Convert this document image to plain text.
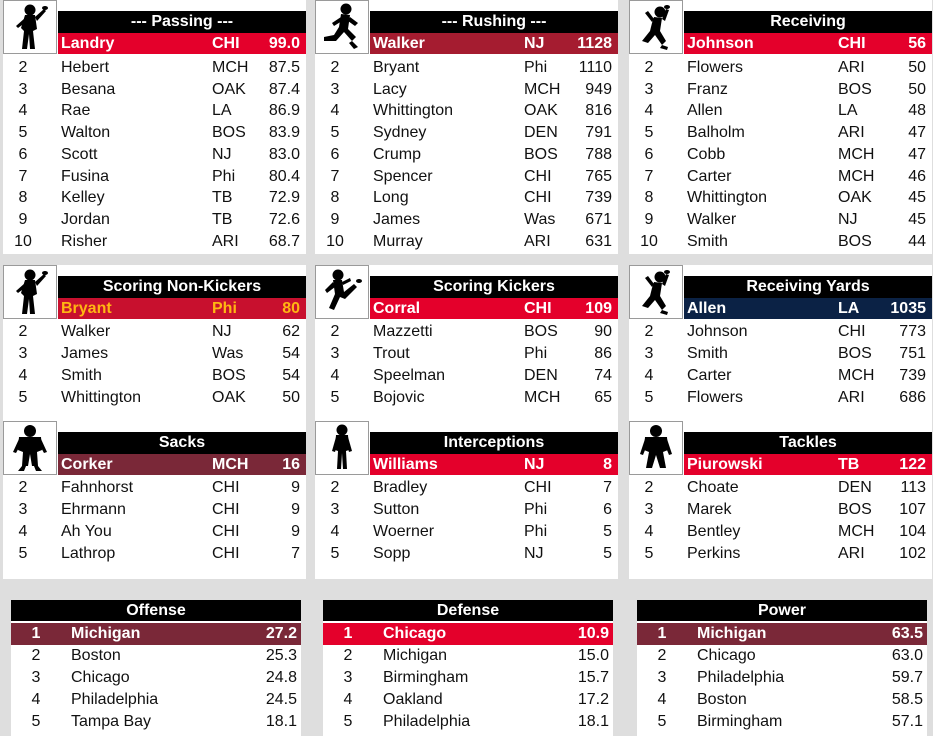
--- Passing ---
Landry	CHI 99.0
2	Hebert	MCH 87.5
3	Besana	OAK 87.4
4	Rae	LA 86.9
5	Walton	BOS 83.9
6	Scott	NJ 83.0
7	Fusina	Phi 80.4
8	Kelley	TB 72.9
9	Jordan	TB 72.6
10	Risher	ARI 68.7
--- Rushing ---
Walker	NJ 1128
2	Bryant	Phi 1110
3	Lacy	MCH 949
4	Whittington	OAK 816
5	Sydney	DEN 791
6	Crump	BOS 788
7	Spencer	CHI 765
8	Long	CHI 739
9	James	Was 671
10	Murray	ARI 631
Receiving
Johnson	CHI	56
2	Flowers	ARI	50
3	Franz	BOS 50
4	Allen	LA	48
5	Balholm	ARI	47
6	Cobb	MCH 47
7	Carter	MCH 46
8	Whittington	OAK 45
9	Walker	NJ	45
10	Smith	BOS 44
Scoring Non-Kickers
Bryant	Phi	80
2	Walker	NJ	62
3	James	Was 54
4	Smith	BOS 54
5	Whittington	OAK 50
Scoring Kickers
Corral	CHI 109
2	Mazzetti	BOS 90
3	Trout	Phi	86
4	Speelman	DEN 74
5	Bojovic	MCH 65
Receiving Yards
Allen	LA 1035
2	Johnson	CHI 773
3	Smith	BOS 751
4	Carter	MCH 739
5	Flowers	ARI 686
Sacks
Corker	MCH 16
2	Fahnhorst	CHI	9
3	Ehrmann	CHI	9
4	Ah You	CHI	9
5	Lathrop	CHI	7
Interceptions
Williams	NJ	8
2	Bradley	CHI	7
3	Sutton	Phi	6
4	Woerner	Phi	5
5	Sopp	NJ	5
Tackles
Piurowski	TB 122
2	Choate	DEN 113
3	Marek	BOS 107
4	Bentley	MCH 104
5	Perkins	ARI 102
Offense
1	Michigan	27.2
2	Boston	25.3
3	Chicago	24.8
4	Philadelphia	24.5
5	Tampa Bay	18.1
Defense
1	Chicago	10.9
2	Michigan	15.0
3	Birmingham	15.7
4	Oakland	17.2
5	Philadelphia	18.1
Power
1	Michigan	63.5
2	Chicago	63.0
3	Philadelphia	59.7
4	Boston	58.5
5	Birmingham	57.1
